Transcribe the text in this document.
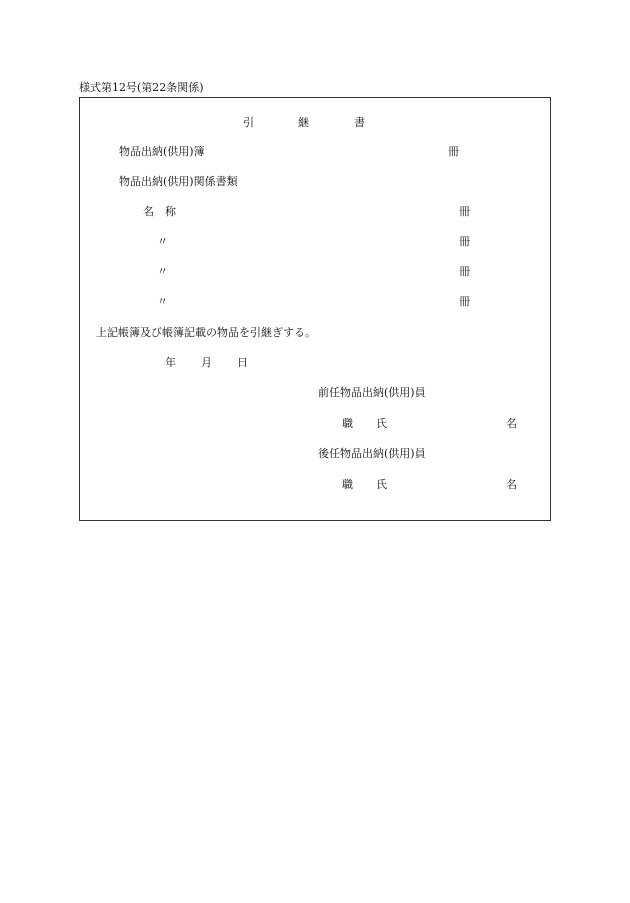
様式第12号(第22条関係)
引	継	書
物品出納(供用)簿	冊
物品出納(供用)関係書類
名　称	冊
〃	冊
〃	冊
〃	冊
上記帳簿及び帳簿記載の物品を引継ぎする。
年 月 日
前任物品出納(供用)員
職 氏	名
後任物品出納(供用)員
職 氏	名
